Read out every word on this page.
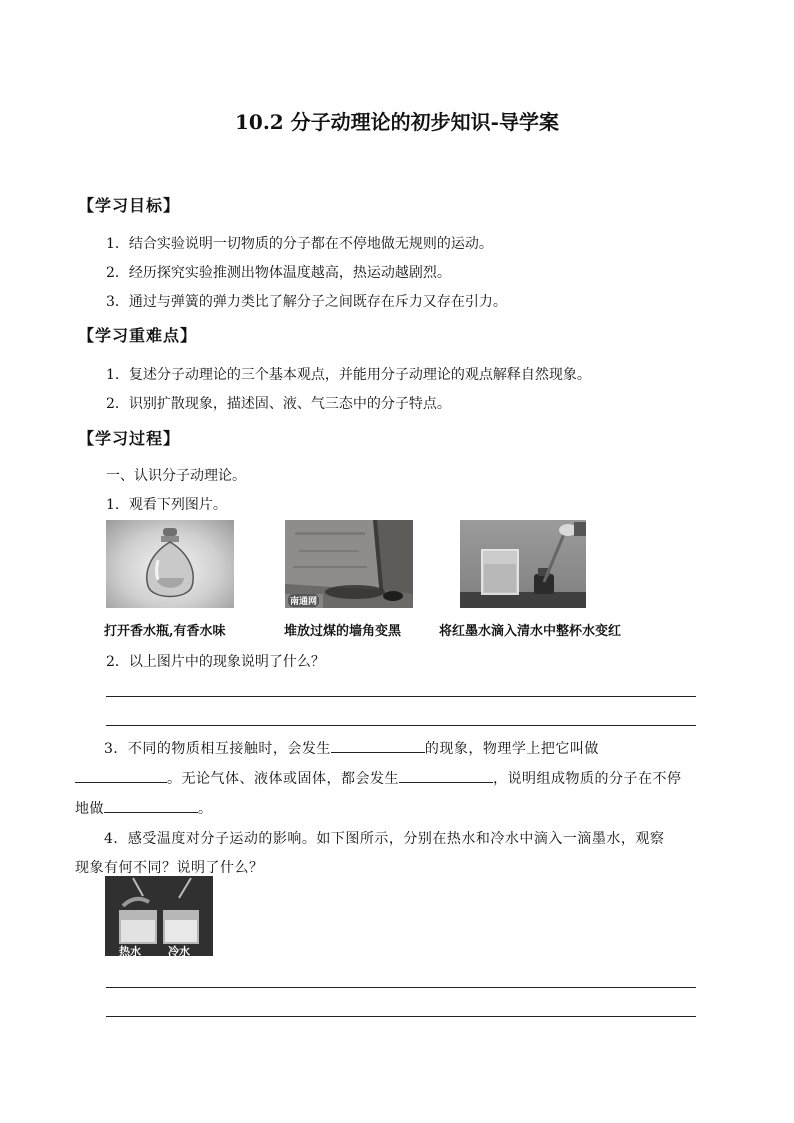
10.2 分子动理论的初步知识-导学案
【学习目标】
1．结合实验说明一切物质的分子都在不停地做无规则的运动。
2．经历探究实验推测出物体温度越高，热运动越剧烈。
3．通过与弹簧的弹力类比了解分子之间既存在斥力又存在引力。
【学习重难点】
1．复述分子动理论的三个基本观点，并能用分子动理论的观点解释自然现象。
2．识别扩散现象，描述固、液、气三态中的分子特点。
【学习过程】
一、认识分子动理论。
1．观看下列图片。
南通网
打开香水瓶,有香水味	堆放过煤的墙角变黑	将红墨水滴入清水中整杯水变红
2．以上图片中的现象说明了什么？
3．不同的物质相互接触时，会发生	的现象，物理学上把它叫做
。无论气体、液体或固体，都会发生	，说明组成物质的分子在不停
地做	。
4．感受温度对分子运动的影响。如下图所示，分别在热水和冷水中滴入一滴墨水，观察
现象有何不同？说明了什么？
热水 冷水
